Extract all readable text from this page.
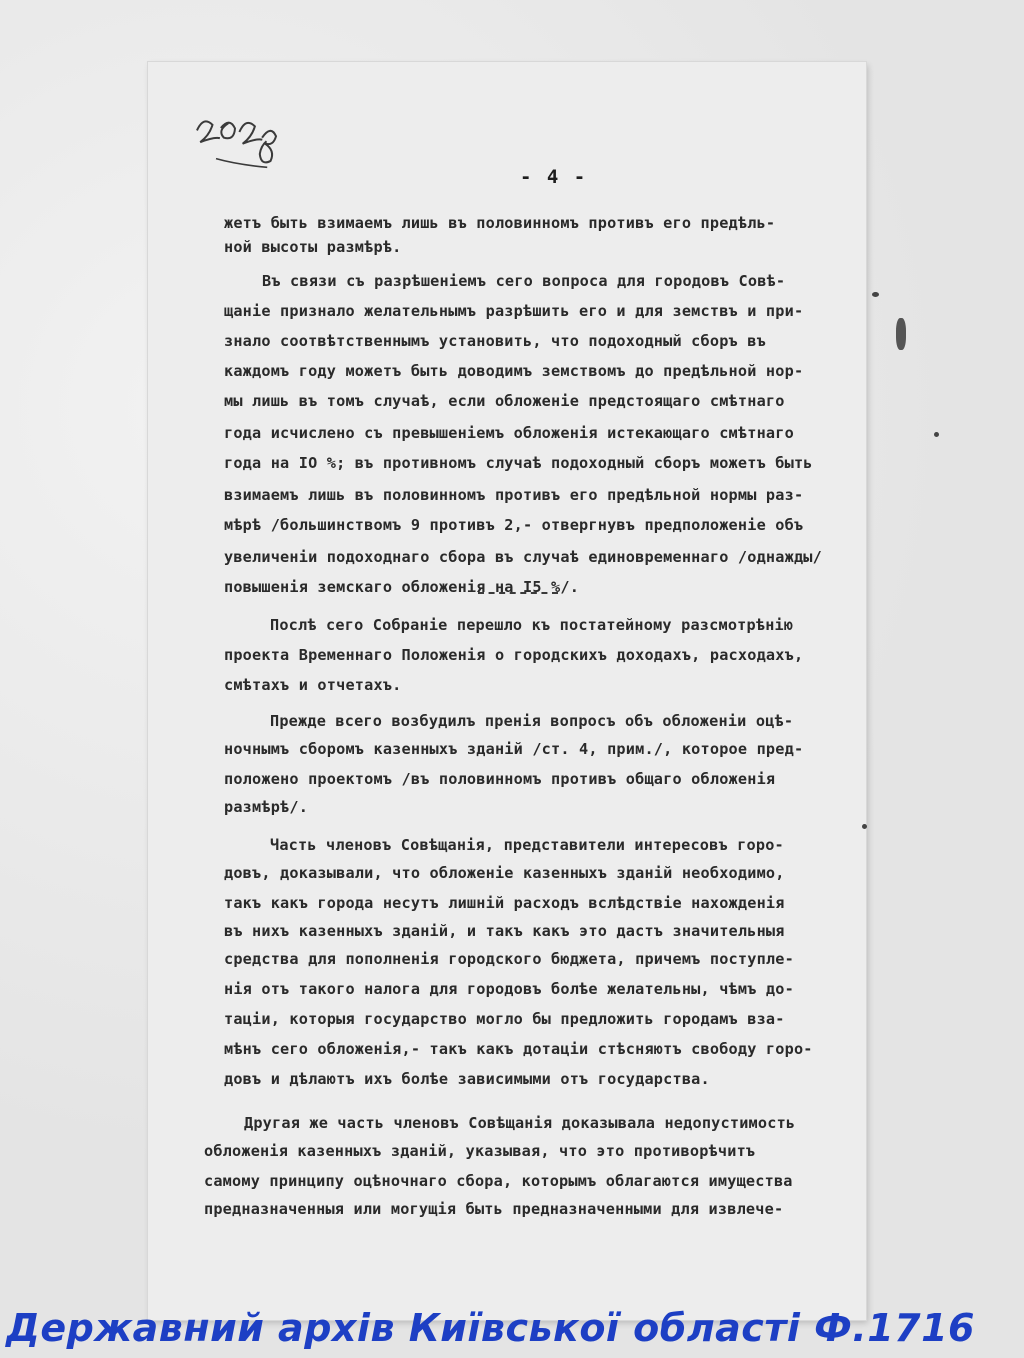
- 4 -
жетъ быть взимаемъ лишь въ половинномъ противъ его предѣль-
ной высоты размѣрѣ.
Въ связи съ разрѣшеніемъ сего вопроса для городовъ Совѣ-
щаніе признало желательнымъ разрѣшить его и для земствъ и при-
знало соотвѣтственнымъ установить, что подоходный сборъ въ
каждомъ году можетъ быть доводимъ земствомъ до предѣльной нор-
мы лишь въ томъ случаѣ, если обложеніе предстоящаго смѣтнаго
года исчислено съ превышеніемъ обложенія истекающаго смѣтнаго
года на IO %; въ противномъ случаѣ подоходный сборъ можетъ быть
взимаемъ лишь въ половинномъ противъ его предѣльной нормы раз-
мѣрѣ /большинствомъ 9 противъ 2,- отвергнувъ предположеніе объ
увеличеніи подоходнаго сбора въ случаѣ единовременнаго /однажды/
повышенія земскаго обложенія на I5 %/.
Послѣ сего Собраніе перешло къ постатейному разсмотрѣнію
проекта Временнаго Положенія о городскихъ доходахъ, расходахъ,
смѣтахъ и отчетахъ.
Прежде всего возбудилъ пренія вопросъ объ обложеніи оцѣ-
ночнымъ сборомъ казенныхъ зданій /ст. 4, прим./, которое пред-
положено проектомъ /въ половинномъ противъ общаго обложенія
размѣрѣ/.
Часть членовъ Совѣщанія, представители интересовъ горо-
довъ, доказывали, что обложеніе казенныхъ зданій необходимо,
такъ какъ города несутъ лишній расходъ вслѣдствіе нахожденія
въ нихъ казенныхъ зданій, и такъ какъ это дастъ значительныя
средства для пополненія городского бюджета, причемъ поступле-
нія отъ такого налога для городовъ болѣе желательны, чѣмъ до-
таціи, которыя государство могло бы предложить городамъ вза-
мѣнъ сего обложенія,- такъ какъ дотаціи стѣсняютъ свободу горо-
довъ и дѣлаютъ ихъ болѣе зависимыми отъ государства.
Другая же часть членовъ Совѣщанія доказывала недопустимость
обложенія казенныхъ зданій, указывая, что это противорѣчитъ
самому принципу оцѣночнаго сбора, которымъ облагаются имущества
предназначенныя или могущія быть предназначенными для извлече-
Державний архів Київської області Ф.1716
